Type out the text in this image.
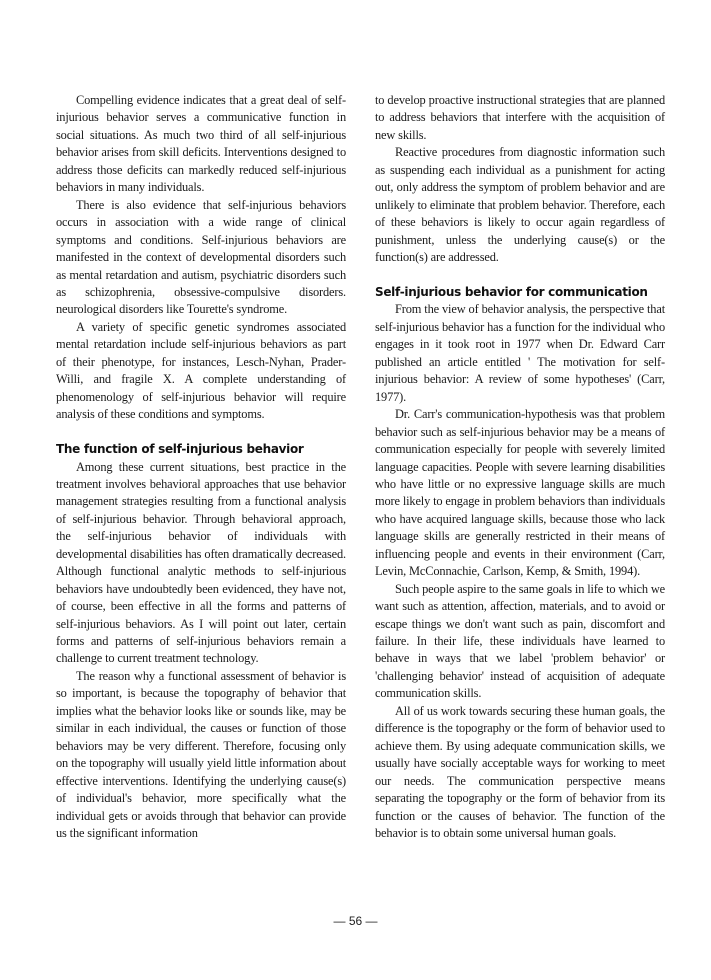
Compelling evidence indicates that a great deal of self-injurious behavior serves a communicative function in social situations. As much two third of all self-injurious behavior arises from skill deficits. Interventions designed to address those deficits can markedly reduced self-injurious behaviors in many individuals.

There is also evidence that self-injurious behaviors occurs in association with a wide range of clinical symptoms and conditions. Self-injurious behaviors are manifested in the context of developmental disorders such as mental retardation and autism, psychiatric disorders such as schizophrenia, obsessive-compulsive disorders. neurological disorders like Tourette's syndrome.

A variety of specific genetic syndromes associated mental retardation include self-injurious behaviors as part of their phenotype, for instances, Lesch-Nyhan, Prader-Willi, and fragile X. A complete understanding of phenomenology of self-injurious behavior will require analysis of these conditions and symptoms.

The function of self-injurious behavior

Among these current situations, best practice in the treatment involves behavioral approaches that use behavior management strategies resulting from a functional analysis of self-injurious behavior. Through behavioral approach, the self-injurious behavior of individuals with developmental disabilities has often dramatically decreased. Although functional analytic methods to self-injurious behaviors have undoubtedly been evidenced, they have not, of course, been effective in all the forms and patterns of self-injurious behaviors. As I will point out later, certain forms and patterns of self-injurious behaviors remain a challenge to current treatment technology.

The reason why a functional assessment of behavior is so important, is because the topography of behavior that implies what the behavior looks like or sounds like, may be similar in each individual, the causes or function of those behaviors may be very different. Therefore, focusing only on the topography will usually yield little information about effective interventions. Identifying the underlying cause(s) of individual's behavior, more specifically what the individual gets or avoids through that behavior can provide us the significant information

to develop proactive instructional strategies that are planned to address behaviors that interfere with the acquisition of new skills.

Reactive procedures from diagnostic information such as suspending each individual as a punishment for acting out, only address the symptom of problem behavior and are unlikely to eliminate that problem behavior. Therefore, each of these behaviors is likely to occur again regardless of punishment, unless the underlying cause(s) or the function(s) are addressed.

Self-injurious behavior for communication

From the view of behavior analysis, the perspective that self-injurious behavior has a function for the individual who engages in it took root in 1977 when Dr. Edward Carr published an article entitled ' The motivation for self-injurious behavior: A review of some hypotheses' (Carr, 1977).

Dr. Carr's communication-hypothesis was that problem behavior such as self-injurious behavior may be a means of communication especially for people with severely limited language capacities. People with severe learning disabilities who have little or no expressive language skills are much more likely to engage in problem behaviors than individuals who have acquired language skills, because those who lack language skills are generally restricted in their means of influencing people and events in their environment (Carr, Levin, McConnachie, Carlson, Kemp, & Smith, 1994).

Such people aspire to the same goals in life to which we want such as attention, affection, materials, and to avoid or escape things we don't want such as pain, discomfort and failure. In their life, these individuals have learned to behave in ways that we label 'problem behavior' or 'challenging behavior' instead of acquisition of adequate communication skills.

All of us work towards securing these human goals, the difference is the topography or the form of behavior used to achieve them. By using adequate communication skills, we usually have socially acceptable ways for working to meet our needs. The communication perspective means separating the topography or the form of behavior from its function or the causes of behavior. The function of the behavior is to obtain some universal human goals.

— 56 —
